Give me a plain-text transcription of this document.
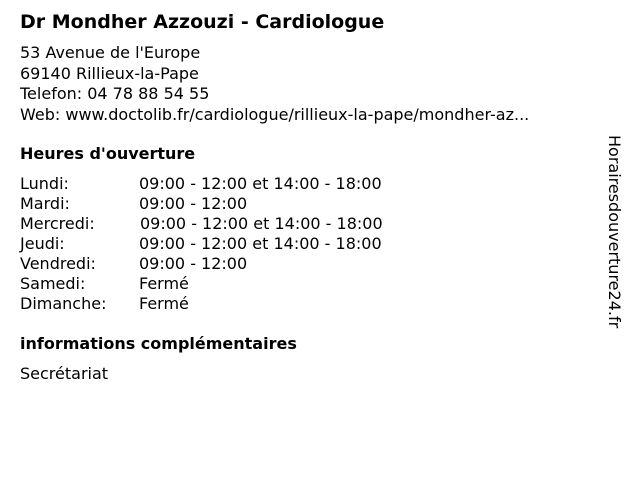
Dr Mondher Azzouzi - Cardiologue
53 Avenue de l'Europe
69140 Rillieux-la-Pape
Telefon: 04 78 88 54 55
Web: www.doctolib.fr/cardiologue/rillieux-la-pape/mondher-az...
Heures d'ouverture
Lundi:	09:00 - 12:00 et 14:00 - 18:00
Mardi:	09:00 - 12:00
Mercredi:	09:00 - 12:00 et 14:00 - 18:00
Jeudi:	09:00 - 12:00 et 14:00 - 18:00
Vendredi:	09:00 - 12:00
Samedi:	Fermé
Dimanche: Fermé
informations complémentaires
Secrétariat
Horairesdouverture24.fr
